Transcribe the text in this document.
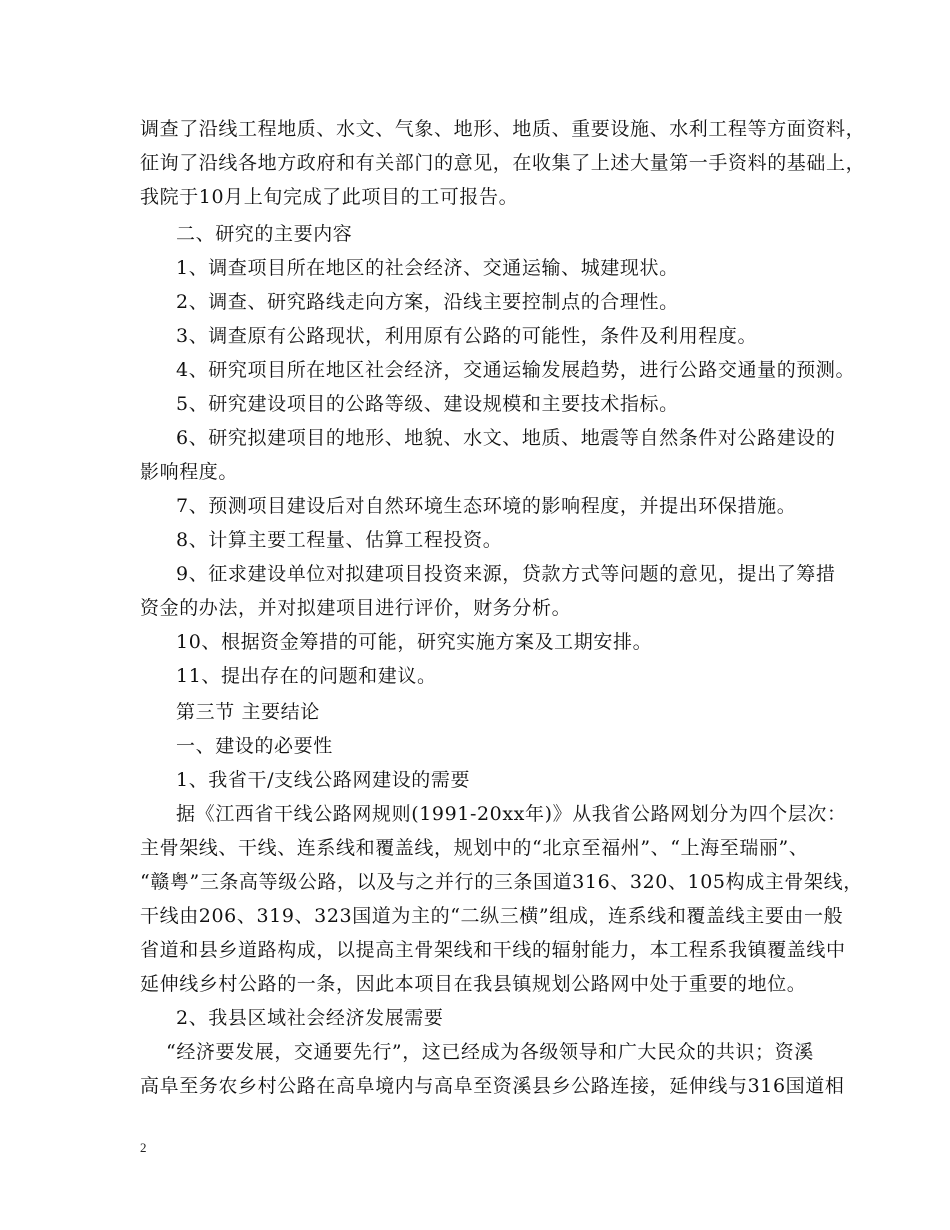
调查了沿线工程地质、水文、气象、地形、地质、重要设施、水利工程等方面资料，
征询了沿线各地方政府和有关部门的意见，在收集了上述大量第一手资料的基础上，
我院于10月上旬完成了此项目的工可报告。
二、研究的主要内容
1、调查项目所在地区的社会经济、交通运输、城建现状。
2、调查、研究路线走向方案，沿线主要控制点的合理性。
3、调查原有公路现状，利用原有公路的可能性，条件及利用程度。
4、研究项目所在地区社会经济，交通运输发展趋势，进行公路交通量的预测。
5、研究建设项目的公路等级、建设规模和主要技术指标。
6、研究拟建项目的地形、地貌、水文、地质、地震等自然条件对公路建设的
影响程度。
7、预测项目建设后对自然环境生态环境的影响程度，并提出环保措施。
8、计算主要工程量、估算工程投资。
9、征求建设单位对拟建项目投资来源，贷款方式等问题的意见，提出了筹措
资金的办法，并对拟建项目进行评价，财务分析。
10、根据资金筹措的可能，研究实施方案及工期安排。
11、提出存在的问题和建议。
第三节 主要结论
一、建设的必要性
1、我省干/支线公路网建设的需要
据《江西省干线公路网规则(1991-20xx年)》从我省公路网划分为四个层次：
主骨架线、干线、连系线和覆盖线，规划中的“北京至福州”、“上海至瑞丽”、
“赣粤”三条高等级公路，以及与之并行的三条国道316、320、105构成主骨架线，
干线由206、319、323国道为主的“二纵三横”组成，连系线和覆盖线主要由一般
省道和县乡道路构成，以提高主骨架线和干线的辐射能力，本工程系我镇覆盖线中
延伸线乡村公路的一条，因此本项目在我县镇规划公路网中处于重要的地位。
2、我县区域社会经济发展需要
“经济要发展，交通要先行”，这已经成为各级领导和广大民众的共识；资溪
高阜至务农乡村公路在高阜境内与高阜至资溪县乡公路连接，延伸线与316国道相
2
